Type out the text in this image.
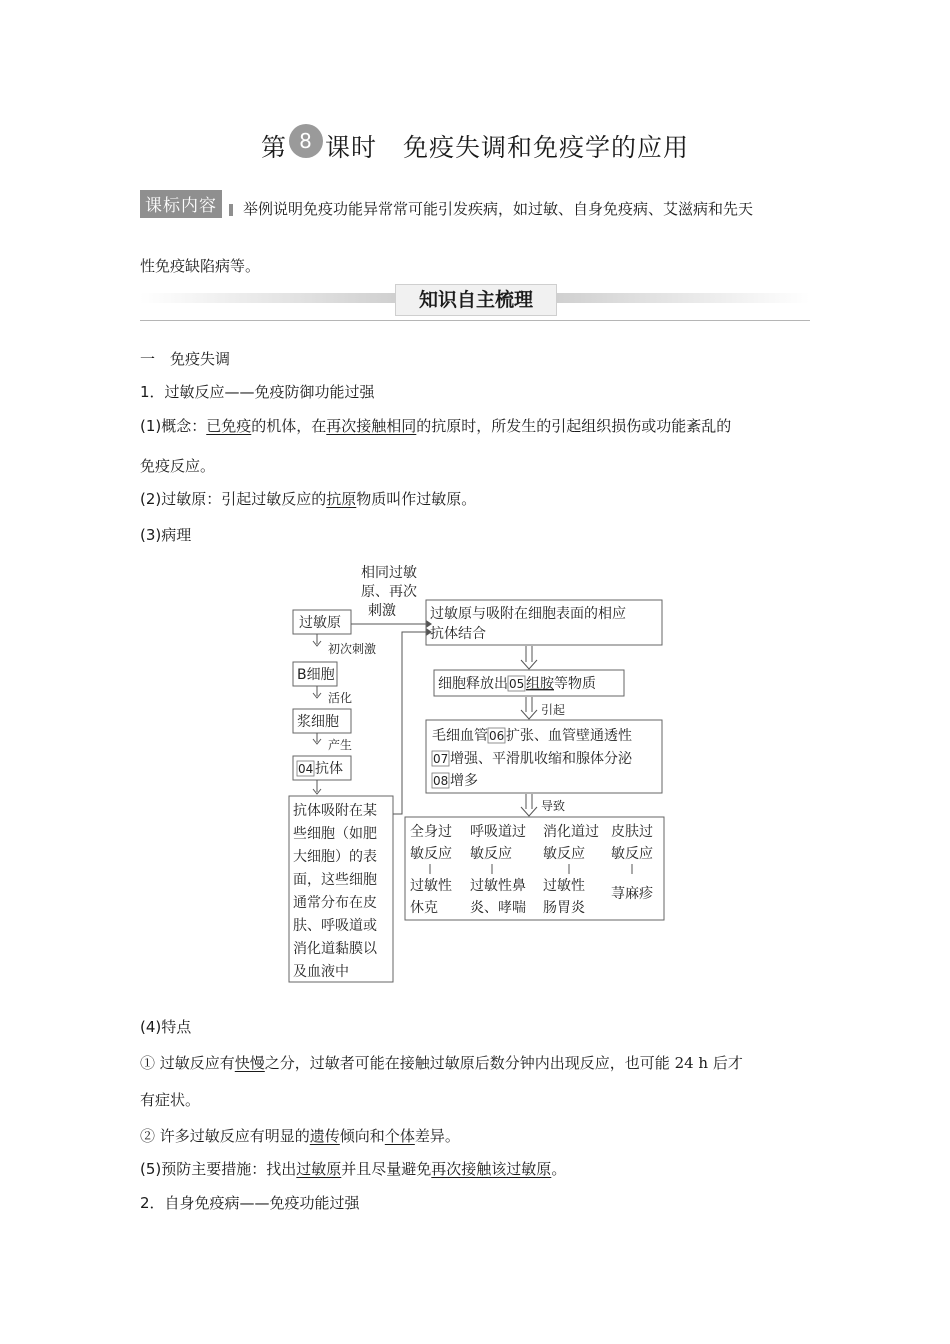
第 8 课时　免疫失调和免疫学的应用
课标内容	举例说明免疫功能异常常可能引发疾病，如过敏、自身免疫病、艾滋病和先天
性免疫缺陷病等。
知识自主梳理
一　免疫失调
1．过敏反应——免疫防御功能过强
(1)概念：已免疫的机体，在再次接触相同的抗原时，所发生的引起组织损伤或功能紊乱的
免疫反应。
(2)过敏原：引起过敏反应的抗原物质叫作过敏原。
(3)病理
相同过敏
原、再次
刺激
过敏原
初次刺激
B细胞
活化
浆细胞
产生
04 抗体
抗体吸附在某
些细胞（如肥
大细胞）的表
面，这些细胞
通常分布在皮
肤、呼吸道或
消化道黏膜以
及血液中
过敏原与吸附在细胞表面的相应
抗体结合
细胞释放出 05 组胺 等物质
引起
毛细血管 06 扩张、血管壁通透性
07 增强、平滑肌收缩和腺体分泌
08 增多
导致
全身过
敏反应
过敏性
休克
呼吸道过
敏反应
过敏性鼻
炎、哮喘
消化道过
敏反应
过敏性
肠胃炎
皮肤过
敏反应
荨麻疹
(4)特点
① 过敏反应有快慢之分，过敏者可能在接触过敏原后数分钟内出现反应，也可能 24 h 后才
有症状。
② 许多过敏反应有明显的遗传倾向和个体差异。
(5)预防主要措施：找出过敏原并且尽量避免再次接触该过敏原。
2．自身免疫病——免疫功能过强
